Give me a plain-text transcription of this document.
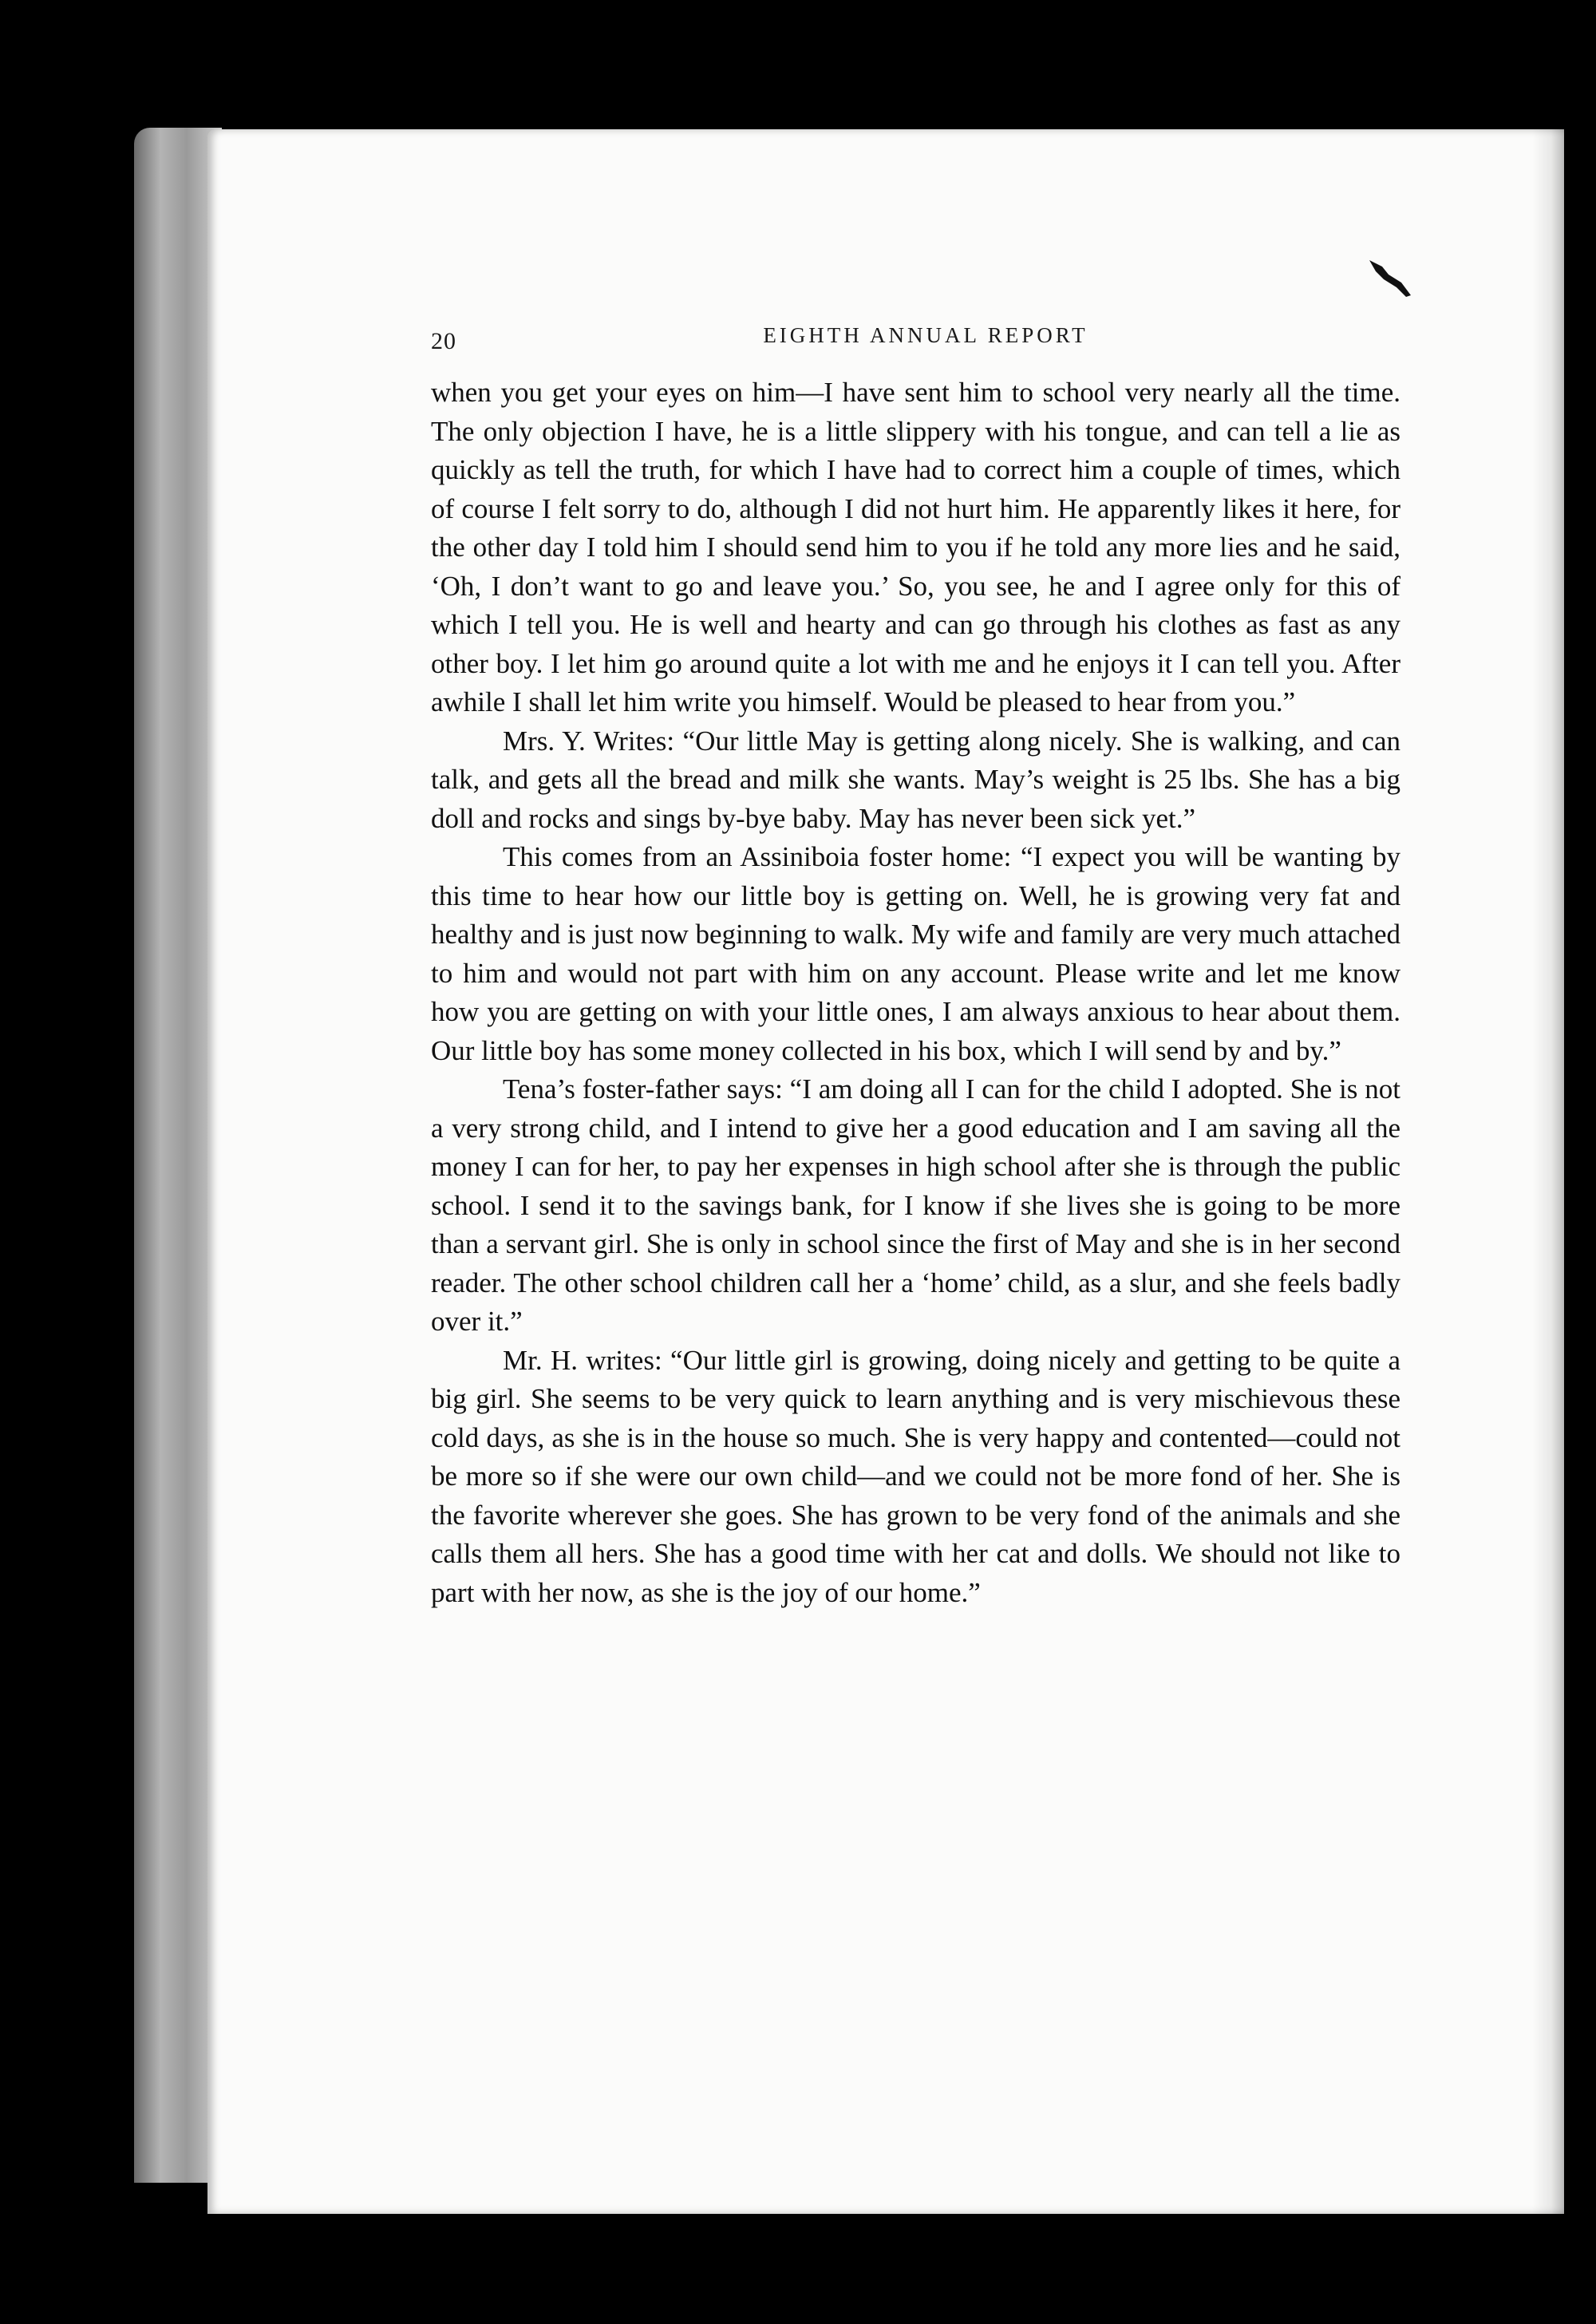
20	EIGHTH ANNUAL REPORT

when you get your eyes on him—I have sent him to school very nearly all the time. The only objection I have, he is a little slippery with his tongue, and can tell a lie as quickly as tell the truth, for which I have had to correct him a couple of times, which of course I felt sorry to do, although I did not hurt him. He apparently likes it here, for the other day I told him I should send him to you if he told any more lies and he said, ‘Oh, I don’t want to go and leave you.’ So, you see, he and I agree only for this of which I tell you. He is well and hearty and can go through his clothes as fast as any other boy. I let him go around quite a lot with me and he enjoys it I can tell you. After awhile I shall let him write you himself. Would be pleased to hear from you.”

Mrs. Y. Writes: “Our little May is getting along nicely. She is walking, and can talk, and gets all the bread and milk she wants. May’s weight is 25 lbs. She has a big doll and rocks and sings by-bye baby. May has never been sick yet.”

This comes from an Assiniboia foster home: “I expect you will be wanting by this time to hear how our little boy is getting on. Well, he is growing very fat and healthy and is just now beginning to walk. My wife and family are very much attached to him and would not part with him on any account. Please write and let me know how you are getting on with your little ones, I am always anxious to hear about them. Our little boy has some money collected in his box, which I will send by and by.”

Tena’s foster-father says: “I am doing all I can for the child I adopted. She is not a very strong child, and I intend to give her a good education and I am saving all the money I can for her, to pay her expenses in high school after she is through the public school. I send it to the savings bank, for I know if she lives she is going to be more than a servant girl. She is only in school since the first of May and she is in her second reader. The other school children call her a ‘home’ child, as a slur, and she feels badly over it.”

Mr. H. writes: “Our little girl is growing, doing nicely and getting to be quite a big girl. She seems to be very quick to learn anything and is very mischievous these cold days, as she is in the house so much. She is very happy and contented—could not be more so if she were our own child—and we could not be more fond of her. She is the favorite wherever she goes. She has grown to be very fond of the animals and she calls them all hers. She has a good time with her cat and dolls. We should not like to part with her now, as she is the joy of our home.”
